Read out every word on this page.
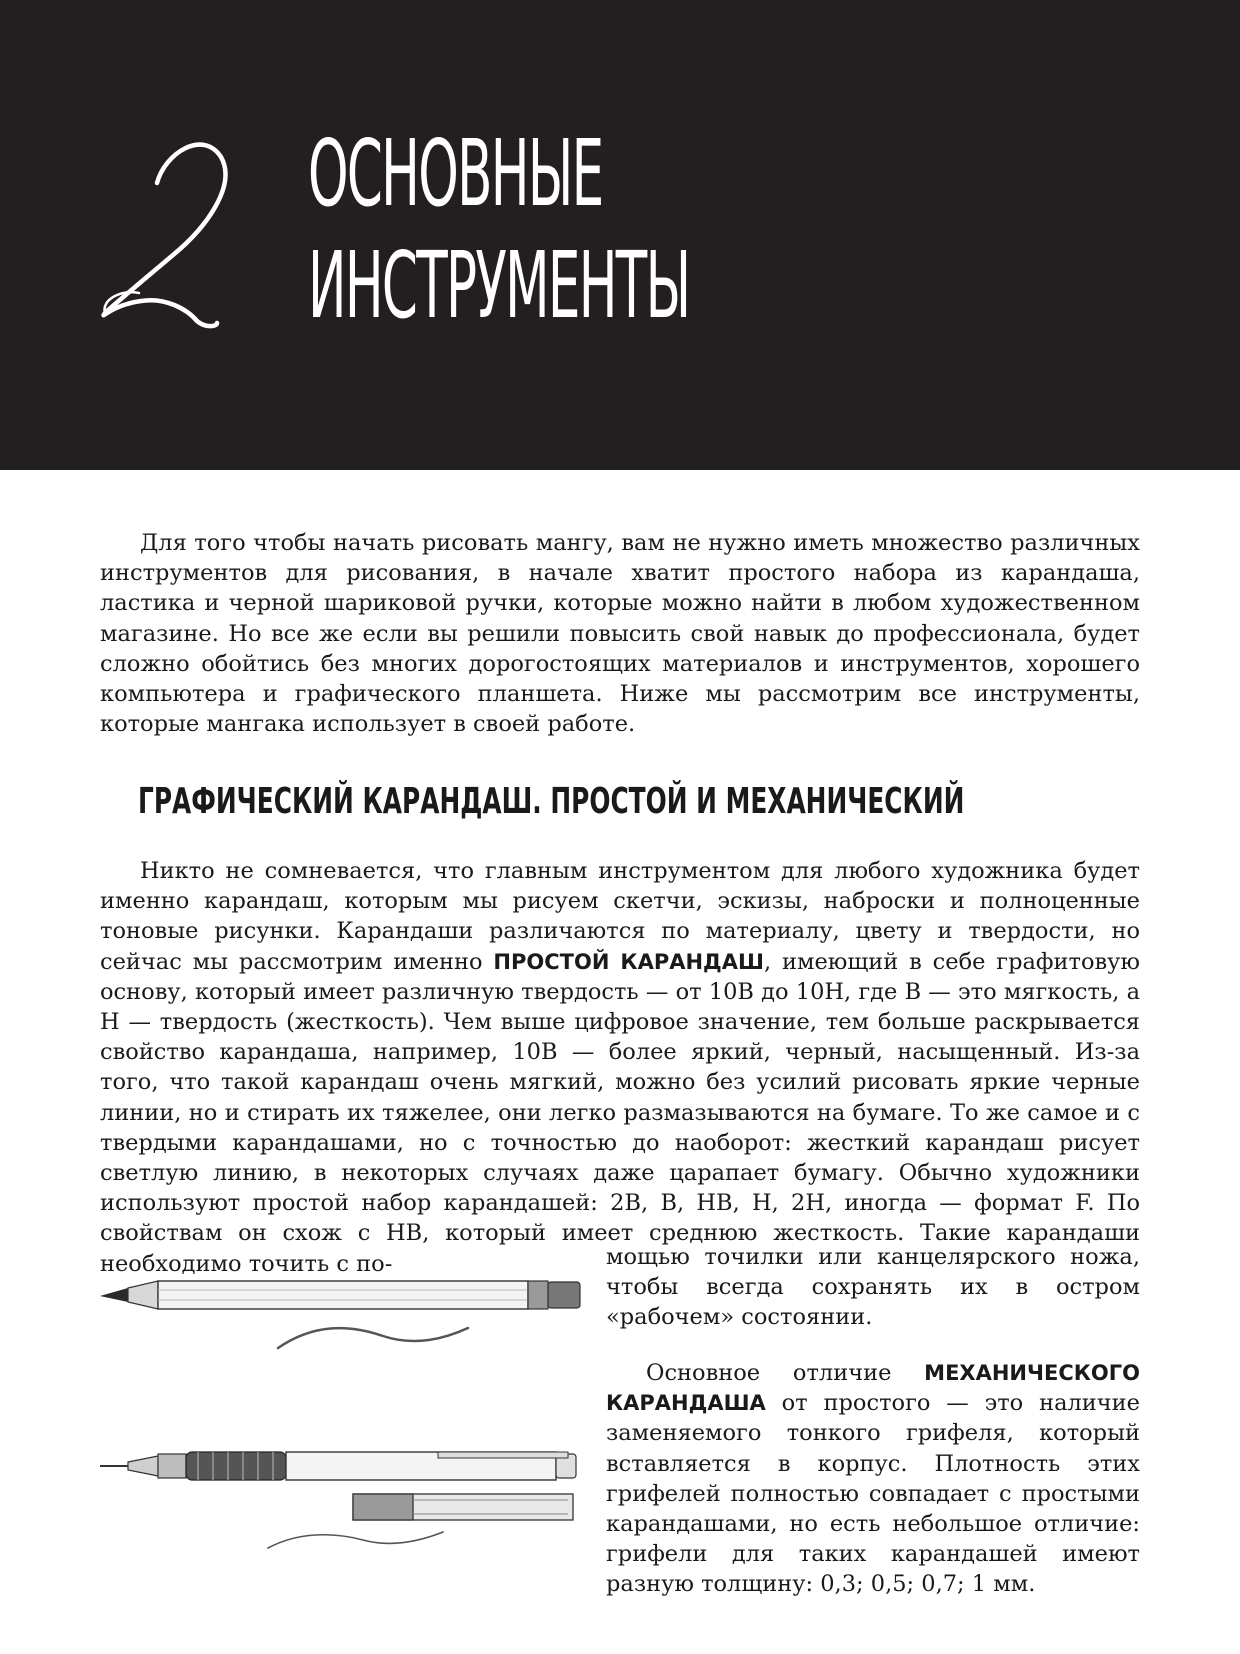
ОСНОВНЫЕ
ИНСТРУМЕНТЫ

Для того чтобы начать рисовать мангу, вам не нужно иметь множество различных инструментов для рисования, в начале хватит простого набора из карандаша, ластика и черной шариковой ручки, которые можно найти в любом художественном магазине. Но все же если вы решили повысить свой навык до профессионала, будет сложно обойтись без многих дорогостоящих материалов и инструментов, хорошего компьютера и графического планшета. Ниже мы рассмотрим все инструменты, которые мангака использует в своей работе.

ГРАФИЧЕСКИЙ КАРАНДАШ. ПРОСТОЙ И МЕХАНИЧЕСКИЙ

Никто не сомневается, что главным инструментом для любого художника будет именно карандаш, которым мы рисуем скетчи, эскизы, наброски и полноценные тоновые рисунки. Карандаши различаются по материалу, цвету и твердости, но сейчас мы рассмотрим именно ПРОСТОЙ КАРАНДАШ, имеющий в себе графитовую основу, который имеет различную твердость — от 10B до 10H, где B — это мягкость, а H — твердость (жесткость). Чем выше цифровое значение, тем больше раскрывается свойство карандаша, например, 10B — более яркий, черный, насыщенный. Из-за того, что такой карандаш очень мягкий, можно без усилий рисовать яркие черные линии, но и стирать их тяжелее, они легко размазываются на бумаге. То же самое и с твердыми карандашами, но с точностью до наоборот: жесткий карандаш рисует светлую линию, в некоторых случаях даже царапает бумагу. Обычно художники используют простой набор карандашей: 2B, B, HB, H, 2H, иногда — формат F. По свойствам он схож с HB, который имеет среднюю жесткость. Такие карандаши необходимо точить с по-	мощью точилки или канцелярского ножа, чтобы всегда сохранять их в остром «рабочем» состоянии.

Основное отличие МЕХАНИЧЕСКОГО КАРАНДАША от простого — это наличие заменяемого тонкого грифеля, который вставляется в корпус. Плотность этих грифелей полностью совпадает с простыми карандашами, но есть небольшое отличие: грифели для таких карандашей имеют разную толщину: 0,3; 0,5; 0,7; 1 мм.
